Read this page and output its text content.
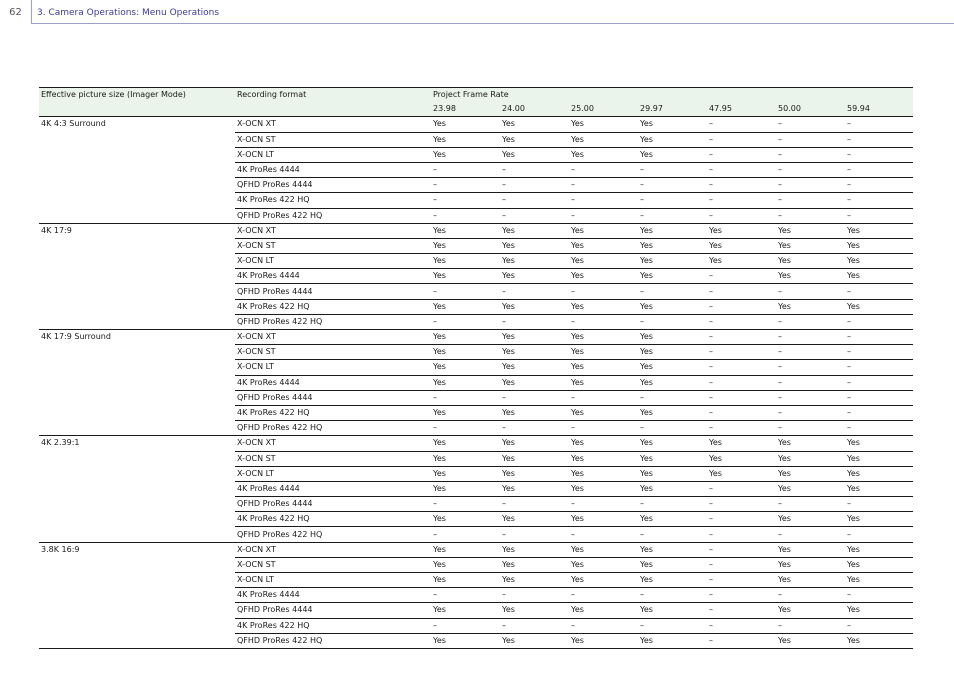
62	3. Camera Operations: Menu Operations
Effective picture size (Imager Mode)	Recording format	Project Frame Rate						
		23.98	24.00	25.00	29.97	47.95	50.00	59.94
4K 4:3 Surround	X-OCN XT	Yes	Yes	Yes	Yes	–	–	–
	X-OCN ST	Yes	Yes	Yes	Yes	–	–	–
	X-OCN LT	Yes	Yes	Yes	Yes	–	–	–
	4K ProRes 4444	–	–	–	–	–	–	–
	QFHD ProRes 4444	–	–	–	–	–	–	–
	4K ProRes 422 HQ	–	–	–	–	–	–	–
	QFHD ProRes 422 HQ	–	–	–	–	–	–	–
4K 17:9	X-OCN XT	Yes	Yes	Yes	Yes	Yes	Yes	Yes
	X-OCN ST	Yes	Yes	Yes	Yes	Yes	Yes	Yes
	X-OCN LT	Yes	Yes	Yes	Yes	Yes	Yes	Yes
	4K ProRes 4444	Yes	Yes	Yes	Yes	–	Yes	Yes
	QFHD ProRes 4444	–	–	–	–	–	–	–
	4K ProRes 422 HQ	Yes	Yes	Yes	Yes	–	Yes	Yes
	QFHD ProRes 422 HQ	–	–	–	–	–	–	–
4K 17:9 Surround	X-OCN XT	Yes	Yes	Yes	Yes	–	–	–
	X-OCN ST	Yes	Yes	Yes	Yes	–	–	–
	X-OCN LT	Yes	Yes	Yes	Yes	–	–	–
	4K ProRes 4444	Yes	Yes	Yes	Yes	–	–	–
	QFHD ProRes 4444	–	–	–	–	–	–	–
	4K ProRes 422 HQ	Yes	Yes	Yes	Yes	–	–	–
	QFHD ProRes 422 HQ	–	–	–	–	–	–	–
4K 2.39:1	X-OCN XT	Yes	Yes	Yes	Yes	Yes	Yes	Yes
	X-OCN ST	Yes	Yes	Yes	Yes	Yes	Yes	Yes
	X-OCN LT	Yes	Yes	Yes	Yes	Yes	Yes	Yes
	4K ProRes 4444	Yes	Yes	Yes	Yes	–	Yes	Yes
	QFHD ProRes 4444	–	–	–	–	–	–	–
	4K ProRes 422 HQ	Yes	Yes	Yes	Yes	–	Yes	Yes
	QFHD ProRes 422 HQ	–	–	–	–	–	–	–
3.8K 16:9	X-OCN XT	Yes	Yes	Yes	Yes	–	Yes	Yes
	X-OCN ST	Yes	Yes	Yes	Yes	–	Yes	Yes
	X-OCN LT	Yes	Yes	Yes	Yes	–	Yes	Yes
	4K ProRes 4444	–	–	–	–	–	–	–
	QFHD ProRes 4444	Yes	Yes	Yes	Yes	–	Yes	Yes
	4K ProRes 422 HQ	–	–	–	–	–	–	–
	QFHD ProRes 422 HQ	Yes	Yes	Yes	Yes	–	Yes	Yes
